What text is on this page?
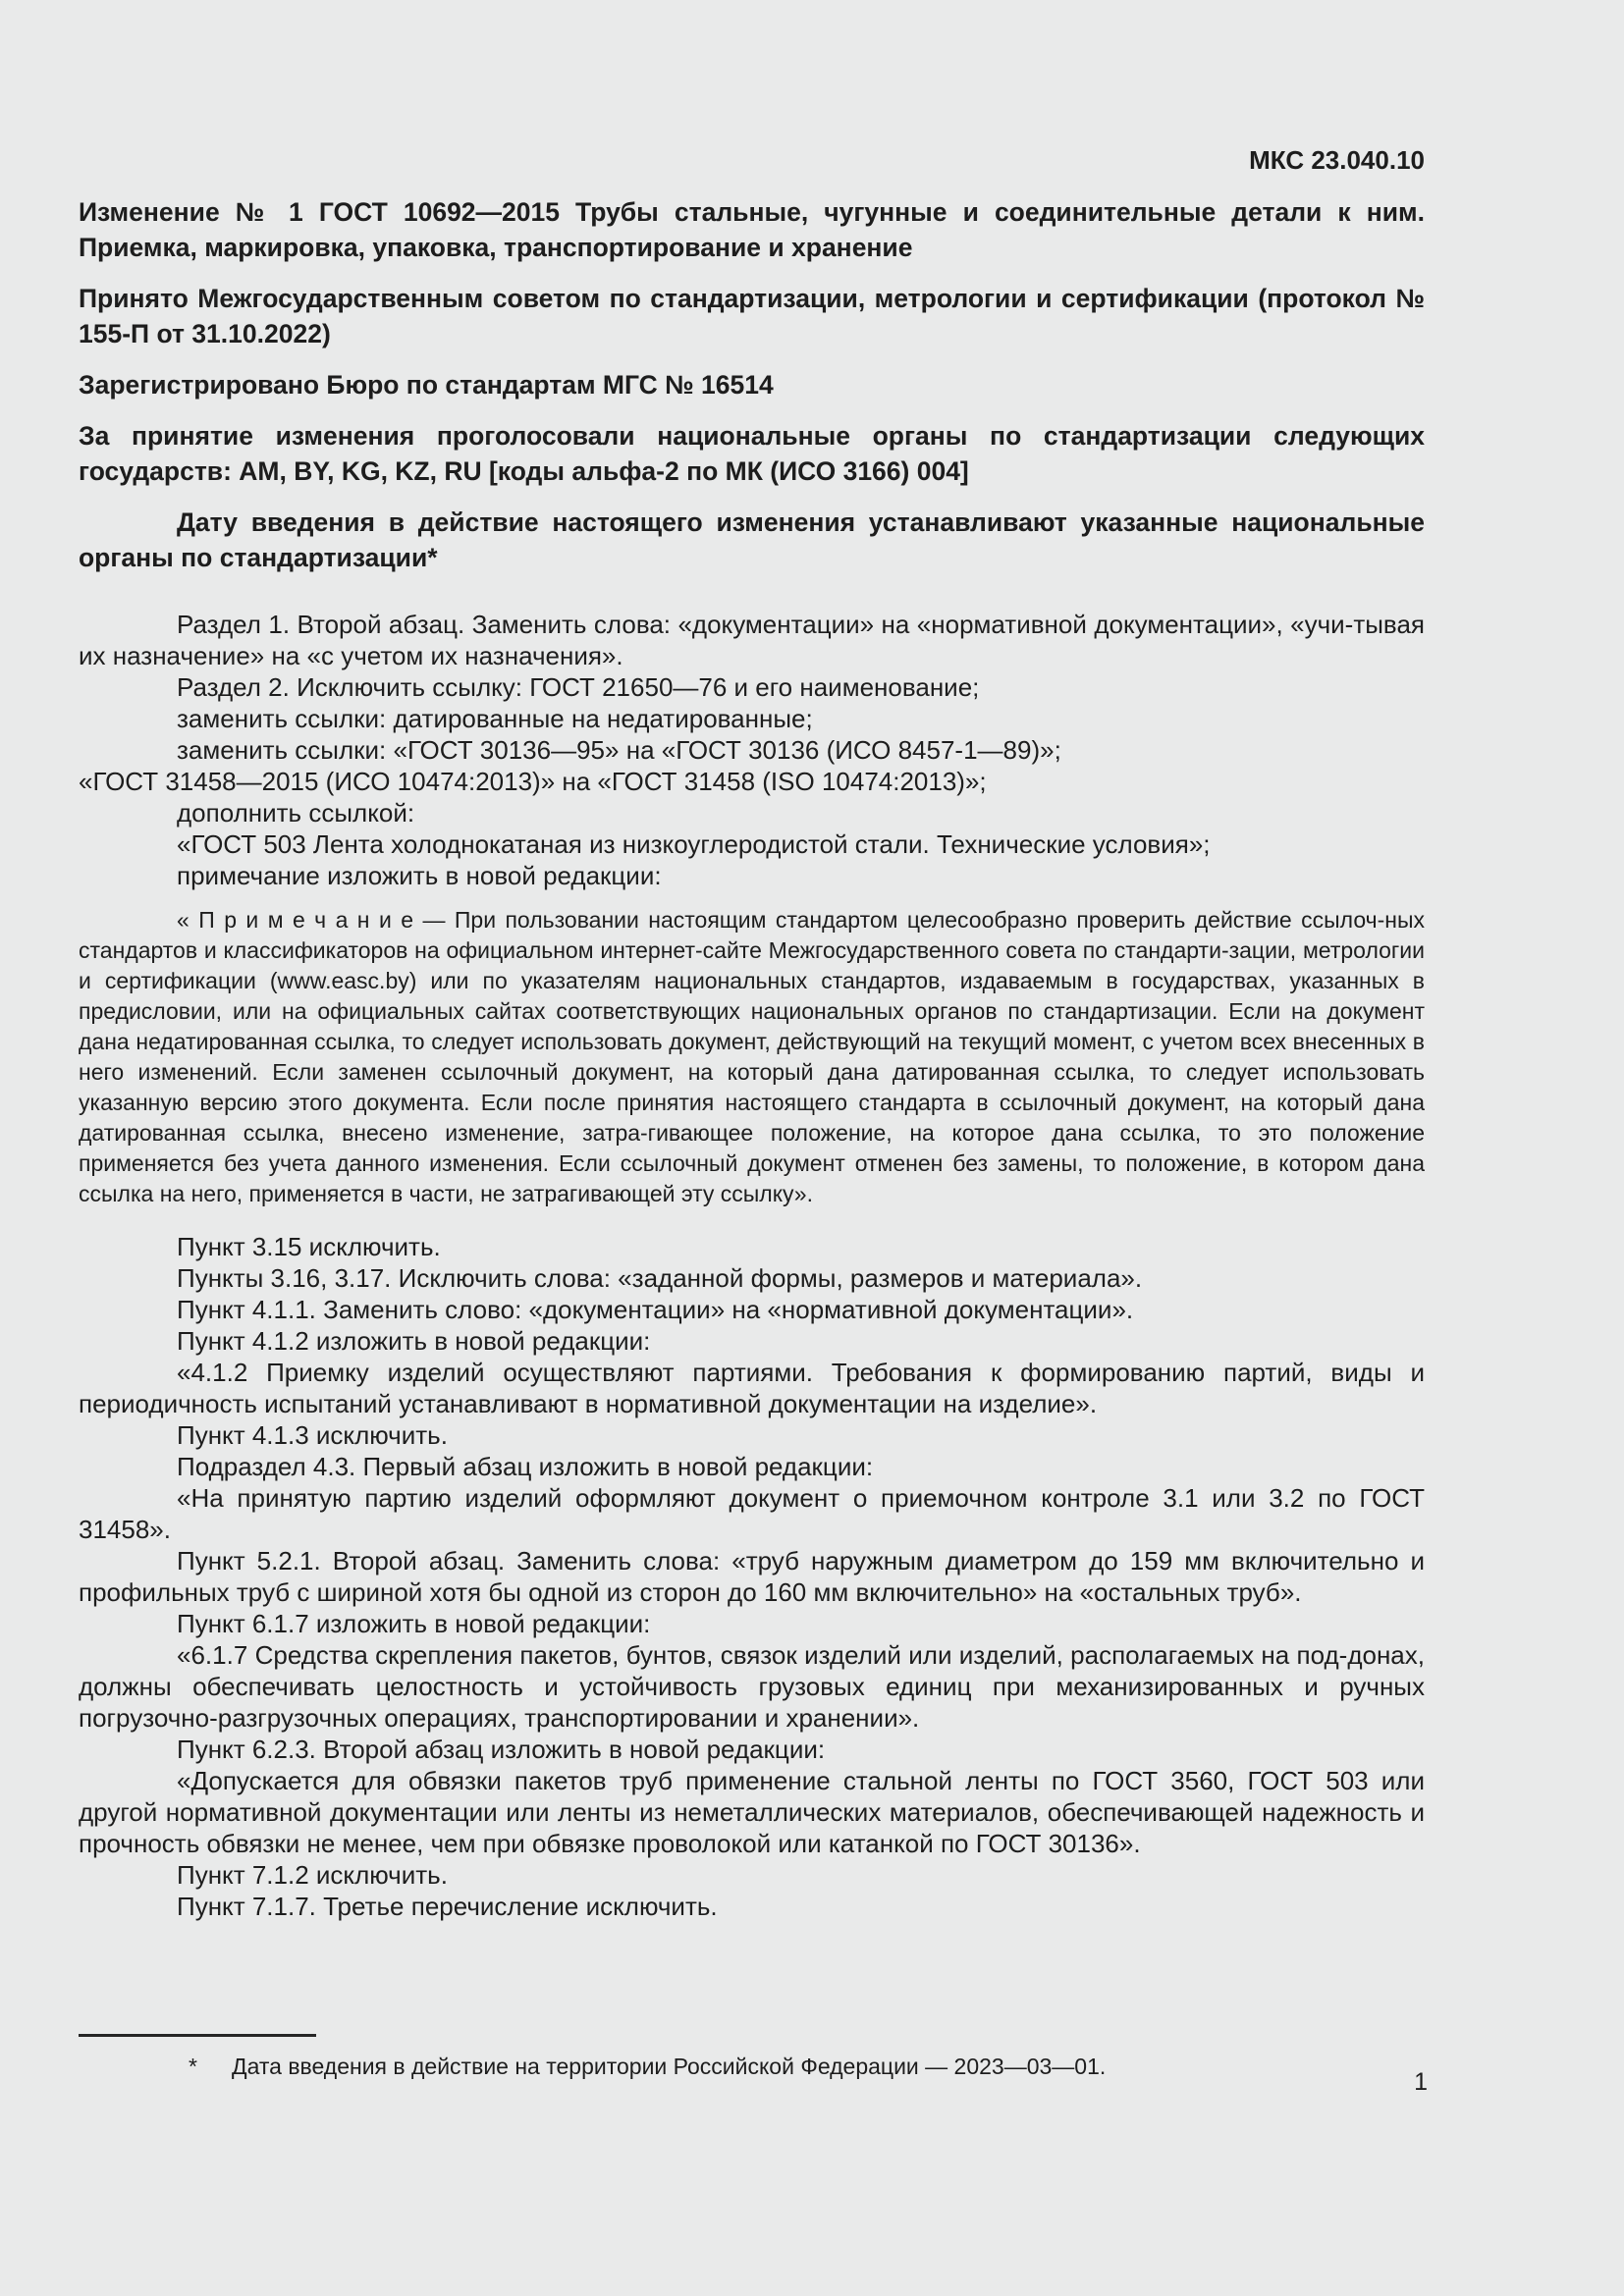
МКС 23.040.10

Изменение № 1 ГОСТ 10692—2015 Трубы стальные, чугунные и соединительные детали к ним. Приемка, маркировка, упаковка, транспортирование и хранение

Принято Межгосударственным советом по стандартизации, метрологии и сертификации (протокол № 155-П от 31.10.2022)

Зарегистрировано Бюро по стандартам МГС № 16514

За принятие изменения проголосовали национальные органы по стандартизации следующих государств: AM, BY, KG, KZ, RU [коды альфа-2 по МК (ИСО 3166) 004]

Дату введения в действие настоящего изменения устанавливают указанные национальные органы по стандартизации*

Раздел 1. Второй абзац. Заменить слова: «документации» на «нормативной документации», «учи-тывая их назначение» на «с учетом их назначения».

Раздел 2. Исключить ссылку: ГОСТ 21650—76 и его наименование;

заменить ссылки: датированные на недатированные;

заменить ссылки: «ГОСТ 30136—95» на «ГОСТ 30136 (ИСО 8457-1—89)»;

«ГОСТ 31458—2015 (ИСО 10474:2013)» на «ГОСТ 31458 (ISO 10474:2013)»;

дополнить ссылкой:

«ГОСТ 503 Лента холоднокатаная из низкоуглеродистой стали. Технические условия»;

примечание изложить в новой редакции:

« П р и м е ч а н и е — При пользовании настоящим стандартом целесообразно проверить действие ссылоч-ных стандартов и классификаторов на официальном интернет-сайте Межгосударственного совета по стандарти-зации, метрологии и сертификации (www.easc.by) или по указателям национальных стандартов, издаваемым в государствах, указанных в предисловии, или на официальных сайтах соответствующих национальных органов по стандартизации. Если на документ дана недатированная ссылка, то следует использовать документ, действующий на текущий момент, с учетом всех внесенных в него изменений. Если заменен ссылочный документ, на который дана датированная ссылка, то следует использовать указанную версию этого документа. Если после принятия настоящего стандарта в ссылочный документ, на который дана датированная ссылка, внесено изменение, затра-гивающее положение, на которое дана ссылка, то это положение применяется без учета данного изменения. Если ссылочный документ отменен без замены, то положение, в котором дана ссылка на него, применяется в части, не затрагивающей эту ссылку».

Пункт 3.15 исключить.

Пункты 3.16, 3.17. Исключить слова: «заданной формы, размеров и материала».

Пункт 4.1.1. Заменить слово: «документации» на «нормативной документации».

Пункт 4.1.2 изложить в новой редакции:

«4.1.2 Приемку изделий осуществляют партиями. Требования к формированию партий, виды и периодичность испытаний устанавливают в нормативной документации на изделие».

Пункт 4.1.3 исключить.

Подраздел 4.3. Первый абзац изложить в новой редакции:

«На принятую партию изделий оформляют документ о приемочном контроле 3.1 или 3.2 по ГОСТ 31458».

Пункт 5.2.1. Второй абзац. Заменить слова: «труб наружным диаметром до 159 мм включительно и профильных труб с шириной хотя бы одной из сторон до 160 мм включительно» на «остальных труб».

Пункт 6.1.7 изложить в новой редакции:

«6.1.7 Средства скрепления пакетов, бунтов, связок изделий или изделий, располагаемых на под-донах, должны обеспечивать целостность и устойчивость грузовых единиц при механизированных и ручных погрузочно-разгрузочных операциях, транспортировании и хранении».

Пункт 6.2.3. Второй абзац изложить в новой редакции:

«Допускается для обвязки пакетов труб применение стальной ленты по ГОСТ 3560, ГОСТ 503 или другой нормативной документации или ленты из неметаллических материалов, обеспечивающей надежность и прочность обвязки не менее, чем при обвязке проволокой или катанкой по ГОСТ 30136».

Пункт 7.1.2 исключить.

Пункт 7.1.7. Третье перечисление исключить.

* Дата введения в действие на территории Российской Федерации — 2023—03—01.

1
